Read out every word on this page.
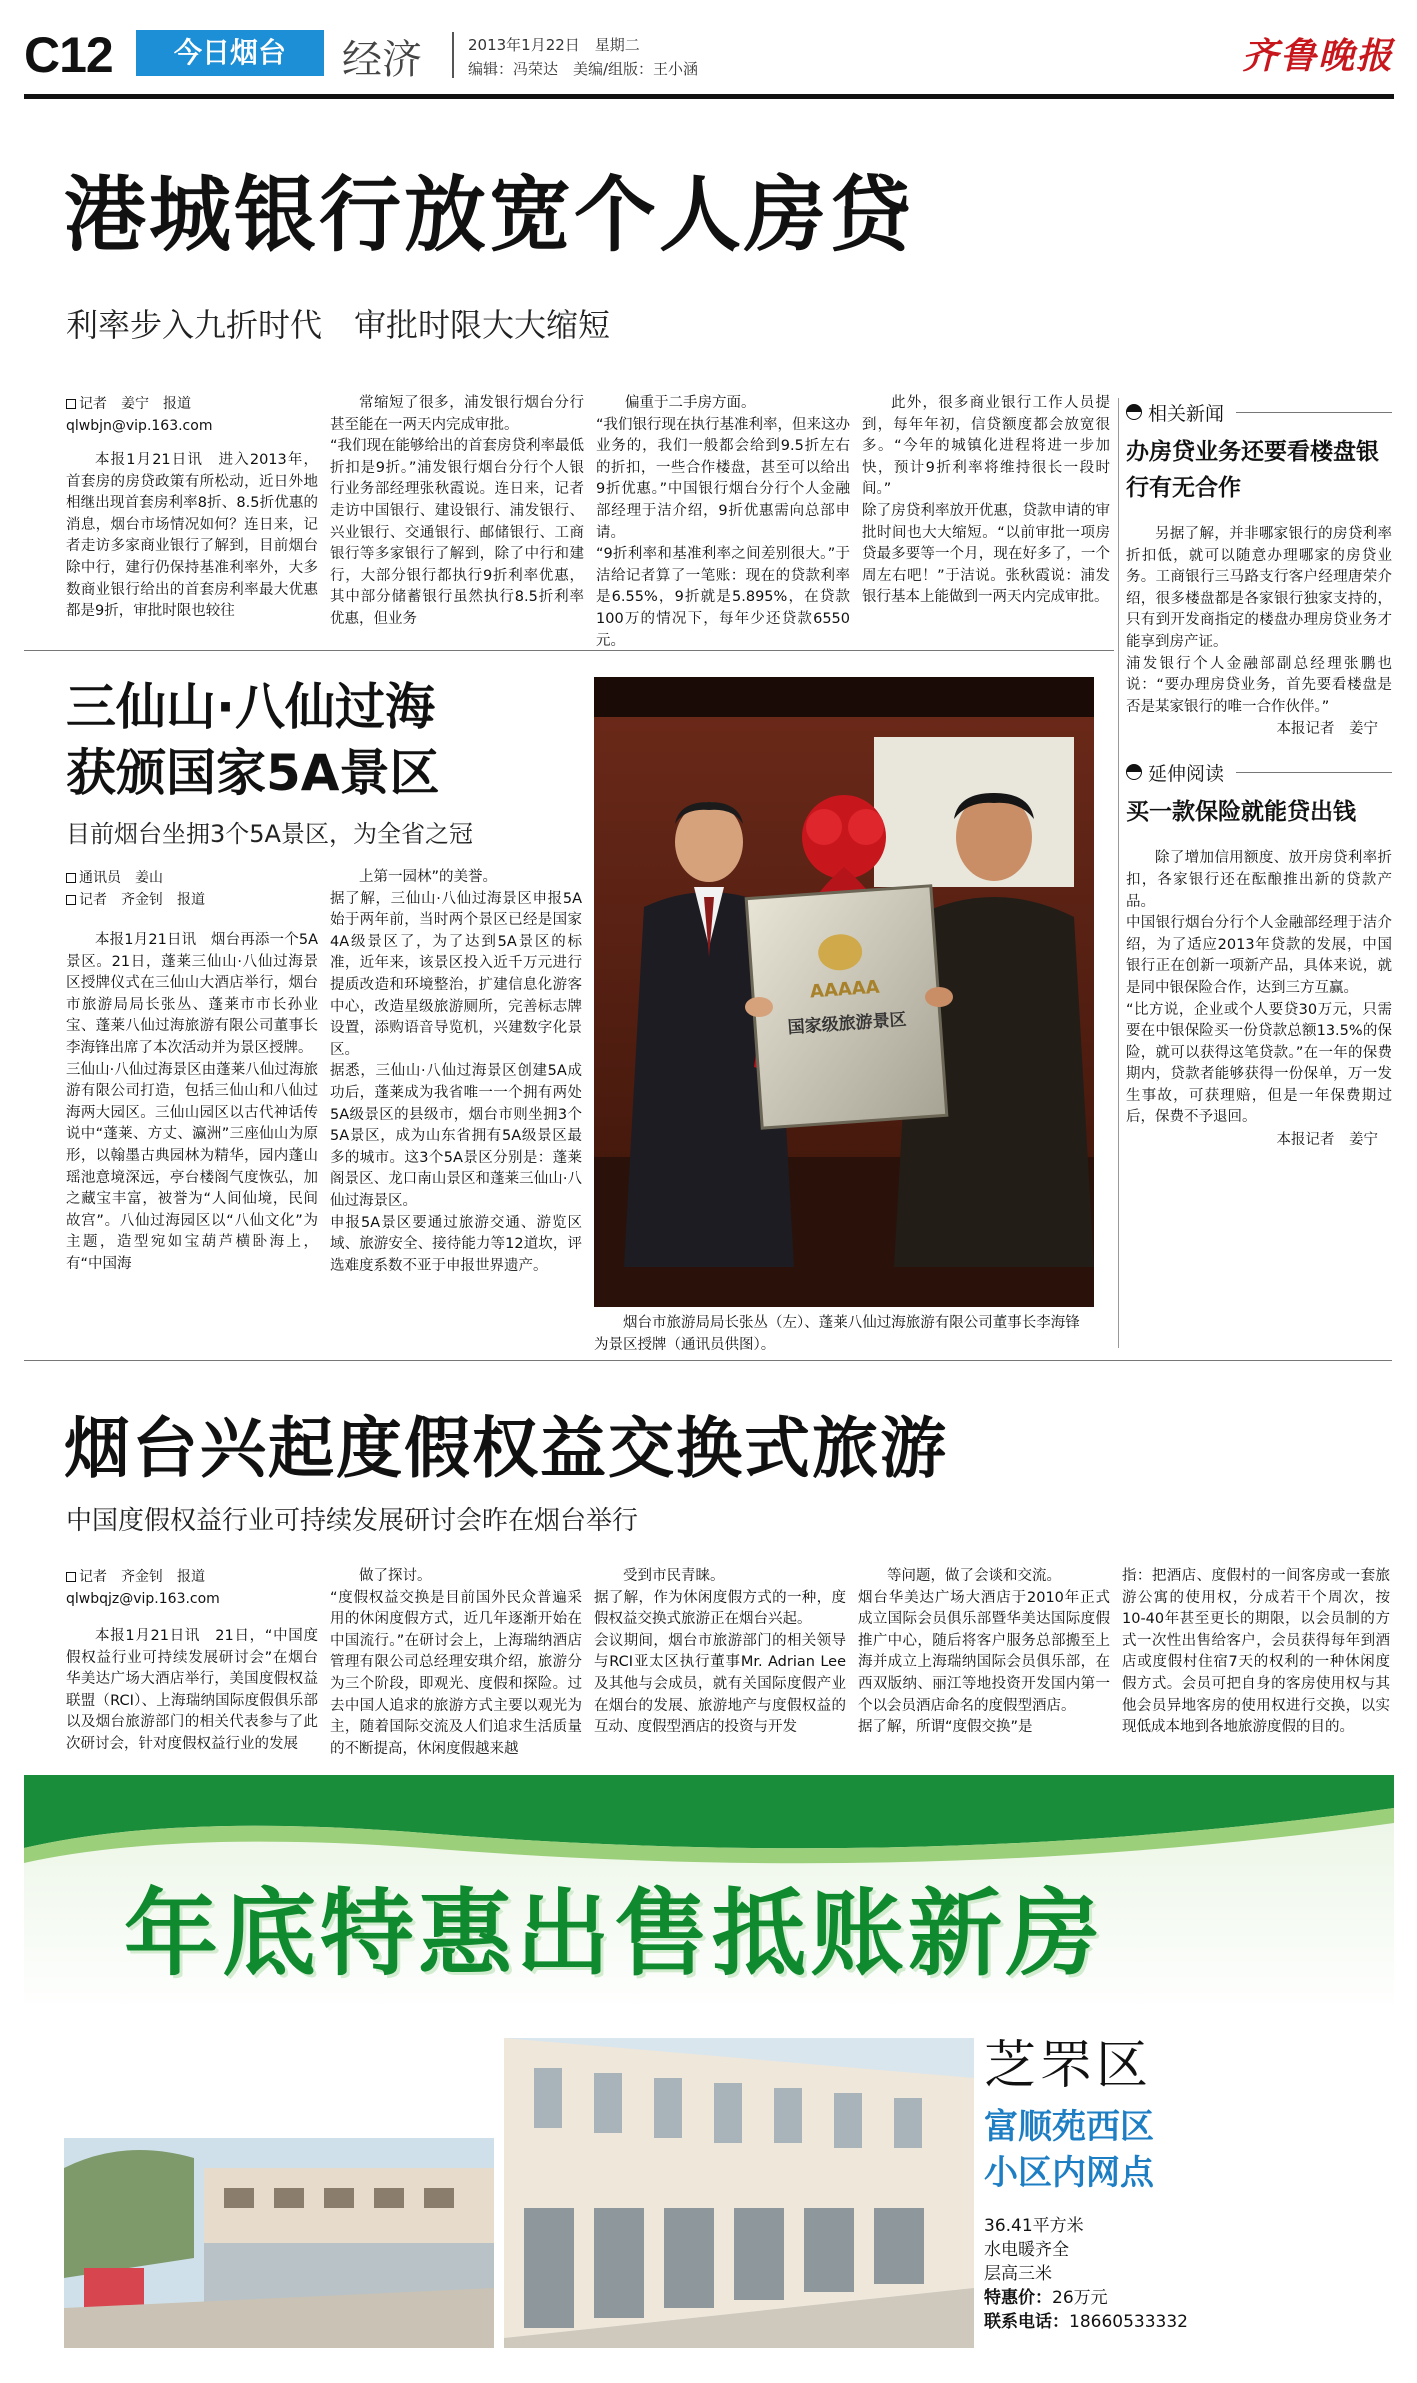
C12	今日烟台	经济	2013年1月22日　星期二
编辑：冯荣达　美编/组版：王小涵	齐鲁晚报
港城银行放宽个人房贷
利率步入九折时代　审批时限大大缩短
记者　姜宁　报道
qlwbjn@vip.163.com
本报1月21日讯　进入2013年，首套房的房贷政策有所松动，近日外地相继出现首套房利率8折、8.5折优惠的消息，烟台市场情况如何？连日来，记者走访多家商业银行了解到，目前烟台除中行，建行仍保持基准利率外，大多数商业银行给出的首套房利率最大优惠都是9折，审批时限也较往
常缩短了很多，浦发银行烟台分行甚至能在一两天内完成审批。
“我们现在能够给出的首套房贷利率最低折扣是9折。”浦发银行烟台分行个人银行业务部经理张秋霞说。连日来，记者走访中国银行、建设银行、浦发银行、兴业银行、交通银行、邮储银行、工商银行等多家银行了解到，除了中行和建行，大部分银行都执行9折利率优惠，其中部分储蓄银行虽然执行8.5折利率优惠，但业务
偏重于二手房方面。
“我们银行现在执行基准利率，但来这办业务的，我们一般都会给到9.5折左右的折扣，一些合作楼盘，甚至可以给出9折优惠。”中国银行烟台分行个人金融部经理于洁介绍，9折优惠需向总部申请。
“9折利率和基准利率之间差别很大。”于洁给记者算了一笔账：现在的贷款利率是6.55%，9折就是5.895%，在贷款100万的情况下，每年少还贷款6550元。
此外，很多商业银行工作人员提到，每年年初，信贷额度都会放宽很多。“今年的城镇化进程将进一步加快，预计9折利率将维持很长一段时间。”
除了房贷利率放开优惠，贷款申请的审批时间也大大缩短。“以前审批一项房贷最多要等一个月，现在好多了，一个周左右吧！”于洁说。张秋霞说：浦发银行基本上能做到一两天内完成审批。
相关新闻
办房贷业务还要看楼盘银行有无合作
另据了解，并非哪家银行的房贷利率折扣低，就可以随意办理哪家的房贷业务。工商银行三马路支行客户经理唐荣介绍，很多楼盘都是各家银行独家支持的，只有到开发商指定的楼盘办理房贷业务才能享到房产证。
浦发银行个人金融部副总经理张鹏也说：“要办理房贷业务，首先要看楼盘是否是某家银行的唯一合作伙伴。”
本报记者　姜宁
延伸阅读
买一款保险就能贷出钱
除了增加信用额度、放开房贷利率折扣，各家银行还在酝酿推出新的贷款产品。
中国银行烟台分行个人金融部经理于洁介绍，为了适应2013年贷款的发展，中国银行正在创新一项新产品，具体来说，就是同中银保险合作，达到三方互赢。
“比方说，企业或个人要贷30万元，只需要在中银保险买一份贷款总额13.5%的保险，就可以获得这笔贷款。”在一年的保费期内，贷款者能够获得一份保单，万一发生事故，可获理赔，但是一年保费期过后，保费不予退回。
本报记者　姜宁
三仙山·八仙过海
获颁国家5A景区
目前烟台坐拥3个5A景区，为全省之冠
通讯员　姜山
记者　齐金钊　报道
本报1月21日讯　烟台再添一个5A景区。21日，蓬莱三仙山·八仙过海景区授牌仪式在三仙山大酒店举行，烟台市旅游局局长张丛、蓬莱市市长孙业宝、蓬莱八仙过海旅游有限公司董事长李海锋出席了本次活动并为景区授牌。
三仙山·八仙过海景区由蓬莱八仙过海旅游有限公司打造，包括三仙山和八仙过海两大园区。三仙山园区以古代神话传说中“蓬莱、方丈、瀛洲”三座仙山为原形，以翰墨古典园林为精华，园内蓬山瑶池意境深远，亭台楼阁气度恢弘，加之藏宝丰富，被誉为“人间仙境，民间故宫”。八仙过海园区以“八仙文化”为主题，造型宛如宝葫芦横卧海上，有“中国海
上第一园林”的美誉。
据了解，三仙山·八仙过海景区申报5A始于两年前，当时两个景区已经是国家4A级景区了，为了达到5A景区的标准，近年来，该景区投入近千万元进行提质改造和环境整治，扩建信息化游客中心，改造星级旅游厕所，完善标志牌设置，添购语音导览机，兴建数字化景区。
据悉，三仙山·八仙过海景区创建5A成功后，蓬莱成为我省唯一一个拥有两处5A级景区的县级市，烟台市则坐拥3个5A景区，成为山东省拥有5A级景区最多的城市。这3个5A景区分别是：蓬莱阁景区、龙口南山景区和蓬莱三仙山·八仙过海景区。
申报5A景区要通过旅游交通、游览区域、旅游安全、接待能力等12道坎，评选难度系数不亚于申报世界遗产。
AAAAA
国家级旅游景区
烟台市旅游局局长张丛（左）、蓬莱八仙过海旅游有限公司董事长李海锋为景区授牌（通讯员供图）。
烟台兴起度假权益交换式旅游
中国度假权益行业可持续发展研讨会昨在烟台举行
记者　齐金钊　报道
qlwbqjz@vip.163.com
本报1月21日讯　21日，“中国度假权益行业可持续发展研讨会”在烟台华美达广场大酒店举行，美国度假权益联盟（RCI）、上海瑞纳国际度假俱乐部以及烟台旅游部门的相关代表参与了此次研讨会，针对度假权益行业的发展
做了探讨。
“度假权益交换是目前国外民众普遍采用的休闲度假方式，近几年逐渐开始在中国流行。”在研讨会上，上海瑞纳酒店管理有限公司总经理安琪介绍，旅游分为三个阶段，即观光、度假和探险。过去中国人追求的旅游方式主要以观光为主，随着国际交流及人们追求生活质量的不断提高，休闲度假越来越
受到市民青睐。
据了解，作为休闲度假方式的一种，度假权益交换式旅游正在烟台兴起。
会议期间，烟台市旅游部门的相关领导与RCI亚太区执行董事Mr. Adrian Lee及其他与会成员，就有关国际度假产业在烟台的发展、旅游地产与度假权益的互动、度假型酒店的投资与开发
等问题，做了会谈和交流。
烟台华美达广场大酒店于2010年正式成立国际会员俱乐部暨华美达国际度假推广中心，随后将客户服务总部搬至上海并成立上海瑞纳国际会员俱乐部，在西双版纳、丽江等地投资开发国内第一个以会员酒店命名的度假型酒店。
据了解，所谓“度假交换”是
指：把酒店、度假村的一间客房或一套旅游公寓的使用权，分成若干个周次，按10-40年甚至更长的期限，以会员制的方式一次性出售给客户，会员获得每年到酒店或度假村住宿7天的权利的一种休闲度假方式。会员可把自身的客房使用权与其他会员异地客房的使用权进行交换，以实现低成本地到各地旅游度假的目的。
年底特惠出售抵账新房
芝罘区
富顺苑西区
小区内网点
36.41平方米
水电暖齐全
层高三米
特惠价：26万元
联系电话：18660533332
